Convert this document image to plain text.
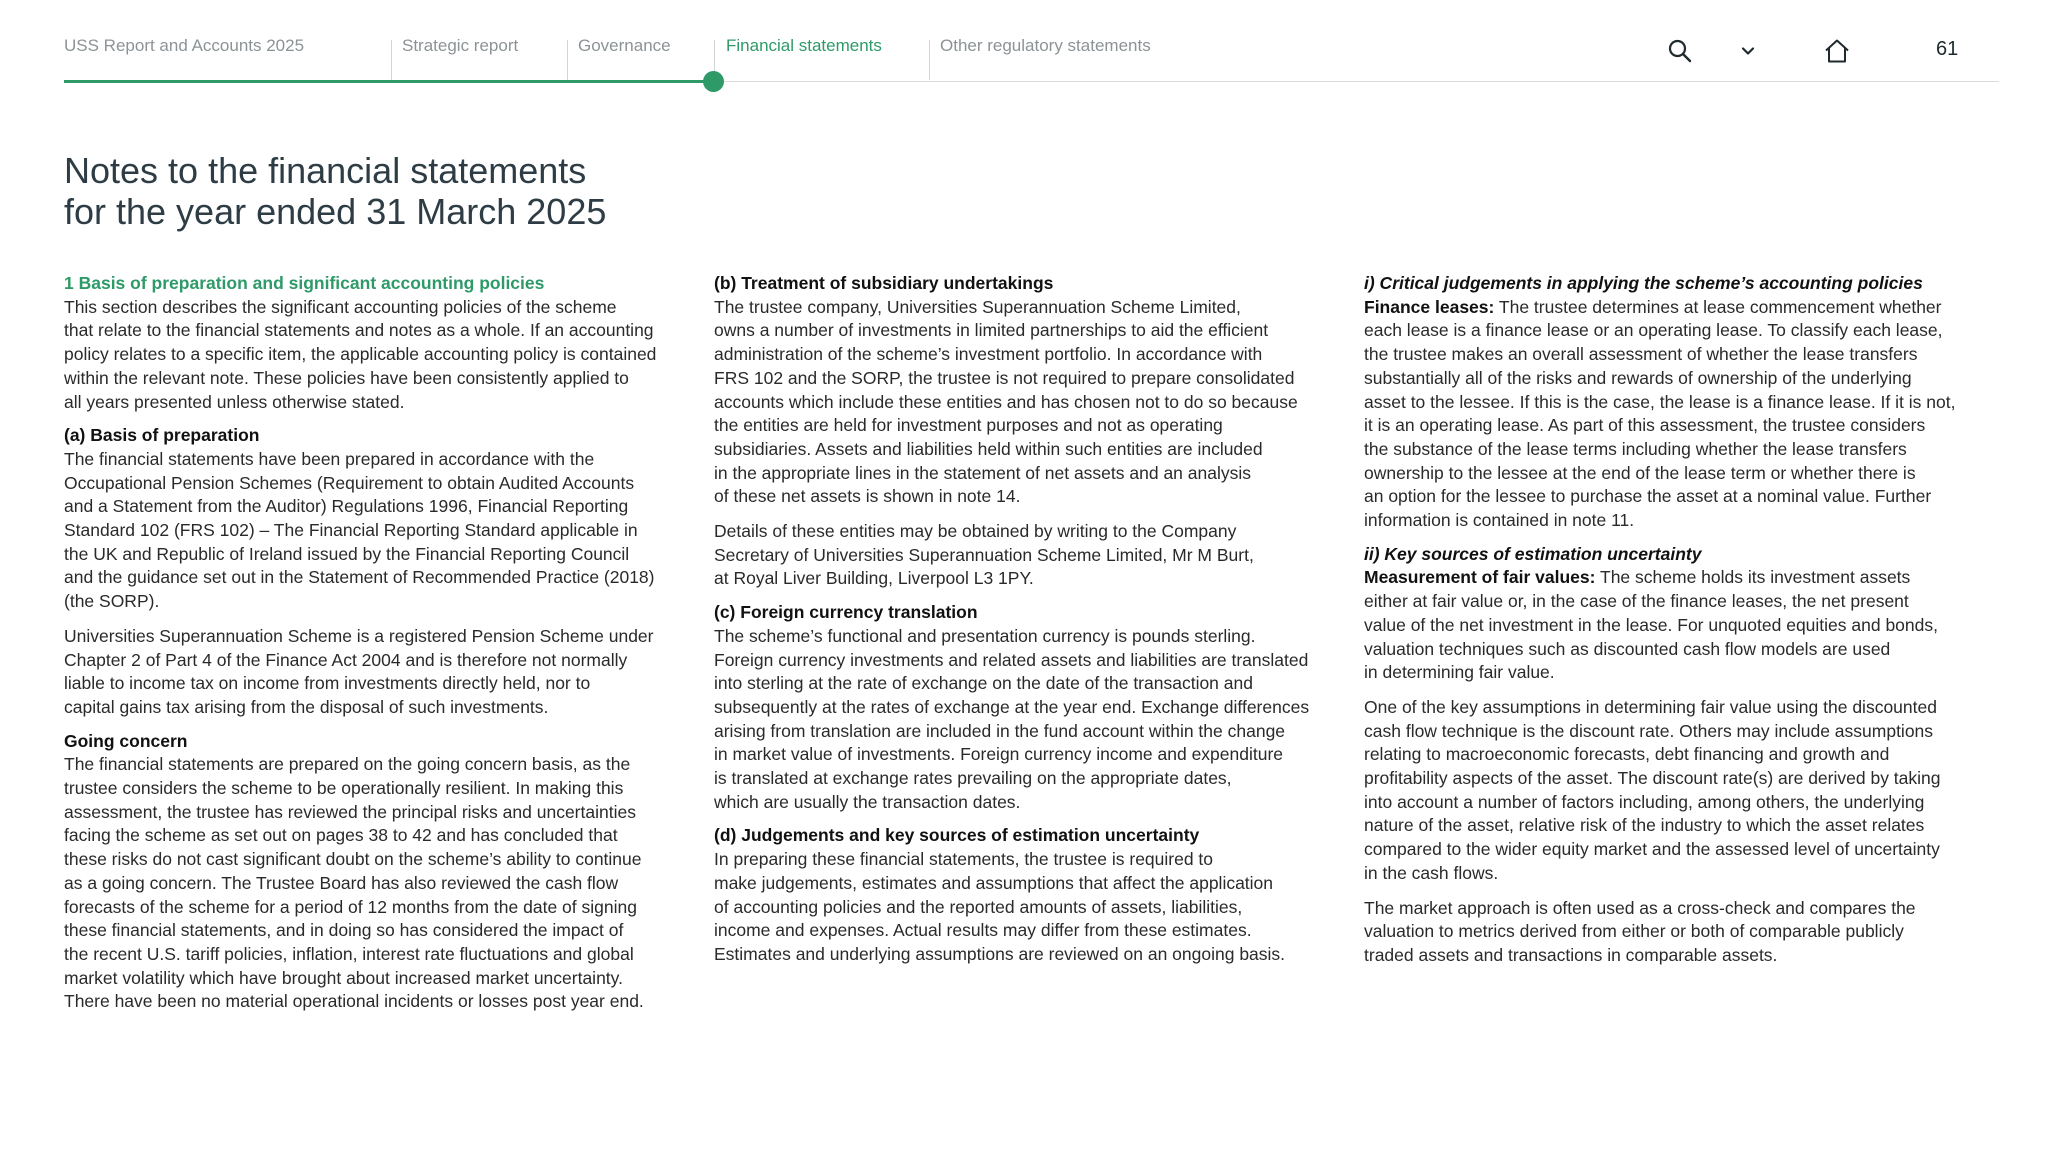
USS Report and Accounts 2025	Strategic report	Governance	Financial statements	Other regulatory statements	61
Notes to the financial statements
for the year ended 31 March 2025
1 Basis of preparation and significant accounting policies

This section describes the significant accounting policies of the scheme
that relate to the financial statements and notes as a whole. If an accounting
policy relates to a specific item, the applicable accounting policy is contained
within the relevant note. These policies have been consistently applied to
all years presented unless otherwise stated.

(a) Basis of preparation

The financial statements have been prepared in accordance with the
Occupational Pension Schemes (Requirement to obtain Audited Accounts
and a Statement from the Auditor) Regulations 1996, Financial Reporting
Standard 102 (FRS 102) – The Financial Reporting Standard applicable in
the UK and Republic of Ireland issued by the Financial Reporting Council
and the guidance set out in the Statement of Recommended Practice (2018)
(the SORP).

Universities Superannuation Scheme is a registered Pension Scheme under
Chapter 2 of Part 4 of the Finance Act 2004 and is therefore not normally
liable to income tax on income from investments directly held, nor to
capital gains tax arising from the disposal of such investments.

Going concern

The financial statements are prepared on the going concern basis, as the
trustee considers the scheme to be operationally resilient. In making this
assessment, the trustee has reviewed the principal risks and uncertainties
facing the scheme as set out on pages 38 to 42 and has concluded that
these risks do not cast significant doubt on the scheme’s ability to continue
as a going concern. The Trustee Board has also reviewed the cash flow
forecasts of the scheme for a period of 12 months from the date of signing
these financial statements, and in doing so has considered the impact of
the recent U.S. tariff policies, inflation, interest rate fluctuations and global
market volatility which have brought about increased market uncertainty.
There have been no material operational incidents or losses post year end.

(b) Treatment of subsidiary undertakings

The trustee company, Universities Superannuation Scheme Limited,
owns a number of investments in limited partnerships to aid the efficient
administration of the scheme’s investment portfolio. In accordance with
FRS 102 and the SORP, the trustee is not required to prepare consolidated
accounts which include these entities and has chosen not to do so because
the entities are held for investment purposes and not as operating
subsidiaries. Assets and liabilities held within such entities are included
in the appropriate lines in the statement of net assets and an analysis
of these net assets is shown in note 14.

Details of these entities may be obtained by writing to the Company
Secretary of Universities Superannuation Scheme Limited, Mr M Burt,
at Royal Liver Building, Liverpool L3 1PY.

(c) Foreign currency translation

The scheme’s functional and presentation currency is pounds sterling.
Foreign currency investments and related assets and liabilities are translated
into sterling at the rate of exchange on the date of the transaction and
subsequently at the rates of exchange at the year end. Exchange differences
arising from translation are included in the fund account within the change
in market value of investments. Foreign currency income and expenditure
is translated at exchange rates prevailing on the appropriate dates,
which are usually the transaction dates.

(d) Judgements and key sources of estimation uncertainty

In preparing these financial statements, the trustee is required to
make judgements, estimates and assumptions that affect the application
of accounting policies and the reported amounts of assets, liabilities,
income and expenses. Actual results may differ from these estimates.
Estimates and underlying assumptions are reviewed on an ongoing basis.

i) Critical judgements in applying the scheme’s accounting policies

Finance leases: The trustee determines at lease commencement whether
each lease is a finance lease or an operating lease. To classify each lease,
the trustee makes an overall assessment of whether the lease transfers
substantially all of the risks and rewards of ownership of the underlying
asset to the lessee. If this is the case, the lease is a finance lease. If it is not,
it is an operating lease. As part of this assessment, the trustee considers
the substance of the lease terms including whether the lease transfers
ownership to the lessee at the end of the lease term or whether there is
an option for the lessee to purchase the asset at a nominal value. Further
information is contained in note 11.

ii) Key sources of estimation uncertainty

Measurement of fair values: The scheme holds its investment assets
either at fair value or, in the case of the finance leases, the net present
value of the net investment in the lease. For unquoted equities and bonds,
valuation techniques such as discounted cash flow models are used
in determining fair value.

One of the key assumptions in determining fair value using the discounted
cash flow technique is the discount rate. Others may include assumptions
relating to macroeconomic forecasts, debt financing and growth and
profitability aspects of the asset. The discount rate(s) are derived by taking
into account a number of factors including, among others, the underlying
nature of the asset, relative risk of the industry to which the asset relates
compared to the wider equity market and the assessed level of uncertainty
in the cash flows.

The market approach is often used as a cross-check and compares the
valuation to metrics derived from either or both of comparable publicly
traded assets and transactions in comparable assets.
